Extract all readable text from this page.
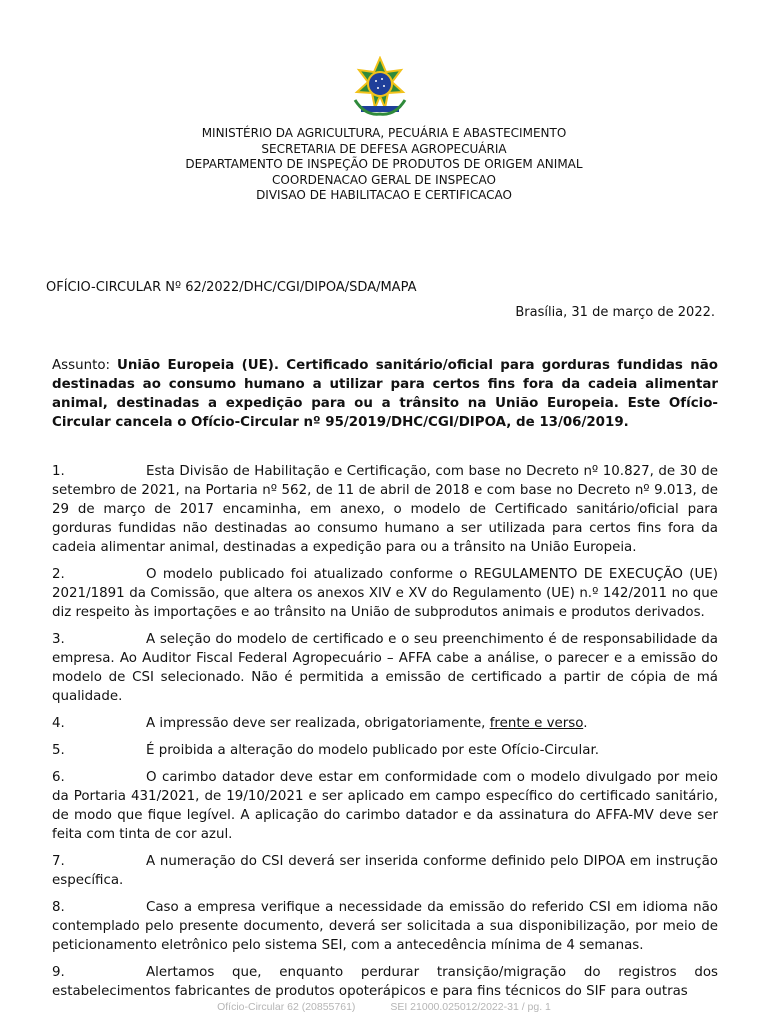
MINISTÉRIO DA AGRICULTURA, PECUÁRIA E ABASTECIMENTO
SECRETARIA DE DEFESA AGROPECUÁRIA
DEPARTAMENTO DE INSPEÇÃO DE PRODUTOS DE ORIGEM ANIMAL
COORDENACAO GERAL DE INSPECAO
DIVISAO DE HABILITACAO E CERTIFICACAO
OFÍCIO-CIRCULAR Nº 62/2022/DHC/CGI/DIPOA/SDA/MAPA
Brasília, 31 de março de 2022.
Assunto: União Europeia (UE). Certificado sanitário/oficial para gorduras fundidas não destinadas ao consumo humano a utilizar para certos fins fora da cadeia alimentar animal, destinadas a expedição para ou a trânsito na União Europeia. Este Ofício-Circular cancela o Ofício-Circular nº 95/2019/DHC/CGI/DIPOA, de 13/06/2019.

1.	Esta Divisão de Habilitação e Certificação, com base no Decreto nº 10.827, de 30 de setembro de 2021, na Portaria nº 562, de 11 de abril de 2018 e com base no Decreto nº 9.013, de 29 de março de 2017 encaminha, em anexo, o modelo de Certificado sanitário/oficial para gorduras fundidas não destinadas ao consumo humano a ser utilizada para certos fins fora da cadeia alimentar animal, destinadas a expedição para ou a trânsito na União Europeia.

2.	O modelo publicado foi atualizado conforme o REGULAMENTO DE EXECUÇÃO (UE) 2021/1891 da Comissão, que altera os anexos XIV e XV do Regulamento (UE) n.º 142/2011 no que diz respeito às importações e ao trânsito na União de subprodutos animais e produtos derivados.

3.	A seleção do modelo de certificado e o seu preenchimento é de responsabilidade da empresa. Ao Auditor Fiscal Federal Agropecuário – AFFA cabe a análise, o parecer e a emissão do modelo de CSI selecionado. Não é permitida a emissão de certificado a partir de cópia de má qualidade.

4.	A impressão deve ser realizada, obrigatoriamente, frente e verso.

5.	É proibida a alteração do modelo publicado por este Ofício-Circular.

6.	O carimbo datador deve estar em conformidade com o modelo divulgado por meio da Portaria 431/2021, de 19/10/2021 e ser aplicado em campo específico do certificado sanitário, de modo que fique legível. A aplicação do carimbo datador e da assinatura do AFFA-MV deve ser feita com tinta de cor azul.

7.	A numeração do CSI deverá ser inserida conforme definido pelo DIPOA em instrução específica.

8.	Caso a empresa verifique a necessidade da emissão do referido CSI em idioma não contemplado pelo presente documento, deverá ser solicitada a sua disponibilização, por meio de peticionamento eletrônico pelo sistema SEI, com a antecedência mínima de 4 semanas.

9.	Alertamos que, enquanto perdurar transição/migração do registros dos estabelecimentos fabricantes de produtos opoterápicos e para fins técnicos do SIF para outras

Ofício-Circular 62 (20855761)	SEI 21000.025012/2022-31 / pg. 1
